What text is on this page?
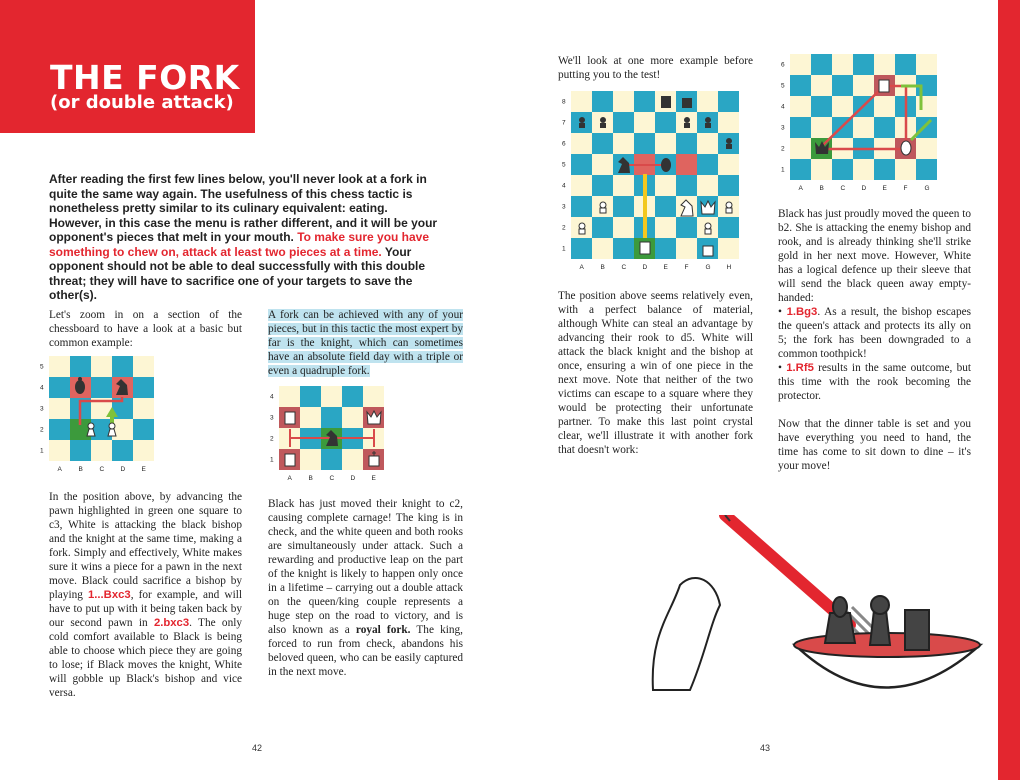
THE FORK
(or double attack)

After reading the first few lines below, you'll never look at a fork in quite the same way again. The usefulness of this chess tactic is nonetheless pretty similar to its culinary equivalent: eating. However, in this case the menu is rather different, and it will be your opponent's pieces that melt in your mouth. To make sure you have something to chew on, attack at least two pieces at a time. Your opponent should not be able to deal successfully with this double threat; they will have to sacrifice one of your targets to save the other(s).

Let's zoom in on a section of the chessboard to have a look at a basic but common example:

5
4
3
2
1
A	B	C	D	E

In the position above, by advancing the pawn highlighted in green one square to c3, White is attacking the black bishop and the knight at the same time, making a fork. Simply and effectively, White makes sure it wins a piece for a pawn in the next move. Black could sacrifice a bishop by playing 1...Bxc3, for example, and will have to put up with it being taken back by our second pawn in 2.bxc3. The only cold comfort available to Black is being able to choose which piece they are going to lose; if Black moves the knight, White will gobble up Black's bishop and vice versa.

A fork can be achieved with any of your pieces, but in this tactic the most expert by far is the knight, which can sometimes have an absolute field day with a triple or even a quadruple fork.

4
3
2
1
A	B	C	D	E

Black has just moved their knight to c2, causing complete carnage! The king is in check, and the white queen and both rooks are simultaneously under attack. Such a rewarding and productive leap on the part of the knight is likely to happen only once in a lifetime – carrying out a double attack on the queen/king couple represents a huge step on the road to victory, and is also known as a royal fork. The king, forced to run from check, abandons his beloved queen, who can be easily captured in the next move.

42

We'll look at one more example before putting you to the test!

8
7
6
5
4
3
2
1
A	B	C	D	E	F	G H

The position above seems relatively even, with a perfect balance of material, although White can steal an advantage by advancing their rook to d5. White will attack the black knight and the bishop at once, ensuring a win of one piece in the next move. Note that neither of the two victims can escape to a square where they would be protecting their unfortunate partner. To make this last point crystal clear, we'll illustrate it with another fork that doesn't work:

6
5
4
3
2
1
A	B	C	D	E	F	G

Black has just proudly moved the queen to b2. She is attacking the enemy bishop and rook, and is already thinking she'll strike gold in her next move. However, White has a logical defence up their sleeve that will send the black queen away empty-handed:
• 1.Bg3. As a result, the bishop escapes the queen's attack and protects its ally on 5; the fork has been downgraded to a common toothpick!
• 1.Rf5 results in the same outcome, but this time with the rook becoming the protector.

Now that the dinner table is set and you have everything you need to hand, the time has come to sit down to dine – it's your move!

43
